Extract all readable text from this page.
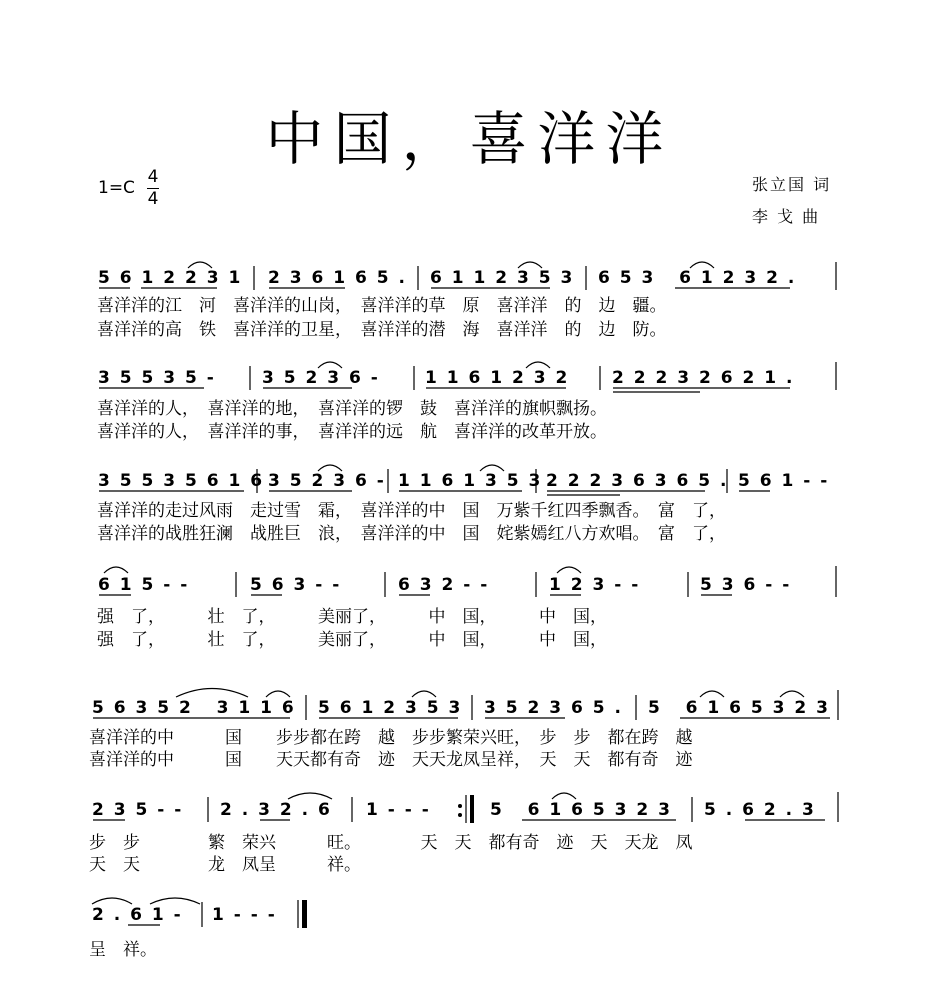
中国，喜洋洋
1=C
4
4
张立国 词
李 戈 曲
5 6 1 2 2 3 1 2 3 6 1 6 5 . 6 1 1 2 3 5 3 6 5 3   6 1 2 3 2 .
喜洋洋的江　河　喜洋洋的山岗，　喜洋洋的草　原　喜洋洋　的　边　疆。
喜洋洋的高　铁　喜洋洋的卫星，　喜洋洋的潜　海　喜洋洋　的　边　防。
3 5 5 3 5 -	3 5 2 3 6 -	1 1 6 1 2 3 2	2 2 2 3 2 6 2 1 .
喜洋洋的人，　喜洋洋的地，　喜洋洋的锣　鼓　喜洋洋的旗帜飘扬。
喜洋洋的人，　喜洋洋的事，　喜洋洋的远　航　喜洋洋的改革开放。
3 5 5 3 5 6 1 6 3 5 2 3 6 - 1 1 6 1 3 5 3 2 2 2 3 6 3 6 5 . 5 6 1 - -
喜洋洋的走过风雨　走过雪　霜，　喜洋洋的中　国　万紫千红四季飘香。　富　了，
喜洋洋的战胜狂澜　战胜巨　浪，　喜洋洋的中　国　姹紫嫣红八方欢唱。　富　了，
6 1 5 - -	5 6 3 - -	6 3 2 - -	1 2 3 - -	5 3 6 - -
强　了，　　　壮　了，　　　美丽了，　　　中　国，　　　中　国，
强　了，　　　壮　了，　　　美丽了，　　　中　国，　　　中　国，
5 6 3 5 2   3 1 1 6 5 6 1 2 3 5 3 3 5 2 3 6 5 . 5   6 1 6 5 3 2 3
喜洋洋的中　　　国　　步步都在跨　越　步步繁荣兴旺，　步　步　都在跨　越
喜洋洋的中　　　国　　天天都有奇　迹　天天龙凤呈祥，　天　天　都有奇　迹
2 3 5 - - 2 . 3 2 . 6 1 - - -	5   6 1 6 5 3 2 3 5 . 6 2 . 3
步　步　　　　繁　荣兴　　　旺。　　　　天　天　都有奇　迹　天　天龙　凤
天　天　　　　龙　凤呈　　　祥。
2 . 6 1 - 1 - - -
呈　祥。
